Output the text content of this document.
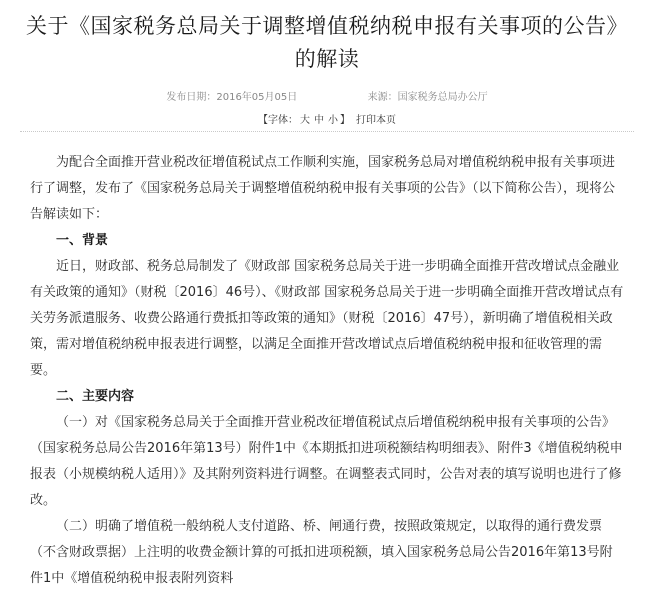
关于《国家税务总局关于调整增值税纳税申报有关事项的公告》
的解读
发布日期：2016年05月05日	来源：国家税务总局办公厅
【字体： 大 中 小 】 打印本页

为配合全面推开营业税改征增值税试点工作顺利实施，国家税务总局对增值税纳税申报有关事项进行了调整，发布了《国家税务总局关于调整增值税纳税申报有关事项的公告》（以下简称公告），现将公告解读如下：

一、背景

近日，财政部、税务总局制发了《财政部 国家税务总局关于进一步明确全面推开营改增试点金融业有关政策的通知》（财税〔2016〕46号）、《财政部 国家税务总局关于进一步明确全面推开营改增试点有关劳务派遣服务、收费公路通行费抵扣等政策的通知》（财税〔2016〕47号），新明确了增值税相关政策，需对增值税纳税申报表进行调整，以满足全面推开营改增试点后增值税纳税申报和征收管理的需要。

二、主要内容

（一）对《国家税务总局关于全面推开营业税改征增值税试点后增值税纳税申报有关事项的公告》（国家税务总局公告2016年第13号）附件1中《本期抵扣进项税额结构明细表》、附件3《增值税纳税申报表（小规模纳税人适用）》及其附列资料进行调整。在调整表式同时，公告对表的填写说明也进行了修改。

（二）明确了增值税一般纳税人支付道路、桥、闸通行费，按照政策规定，以取得的通行费发票（不含财政票据）上注明的收费金额计算的可抵扣进项税额，填入国家税务总局公告2016年第13号附件1中《增值税纳税申报表附列资料
